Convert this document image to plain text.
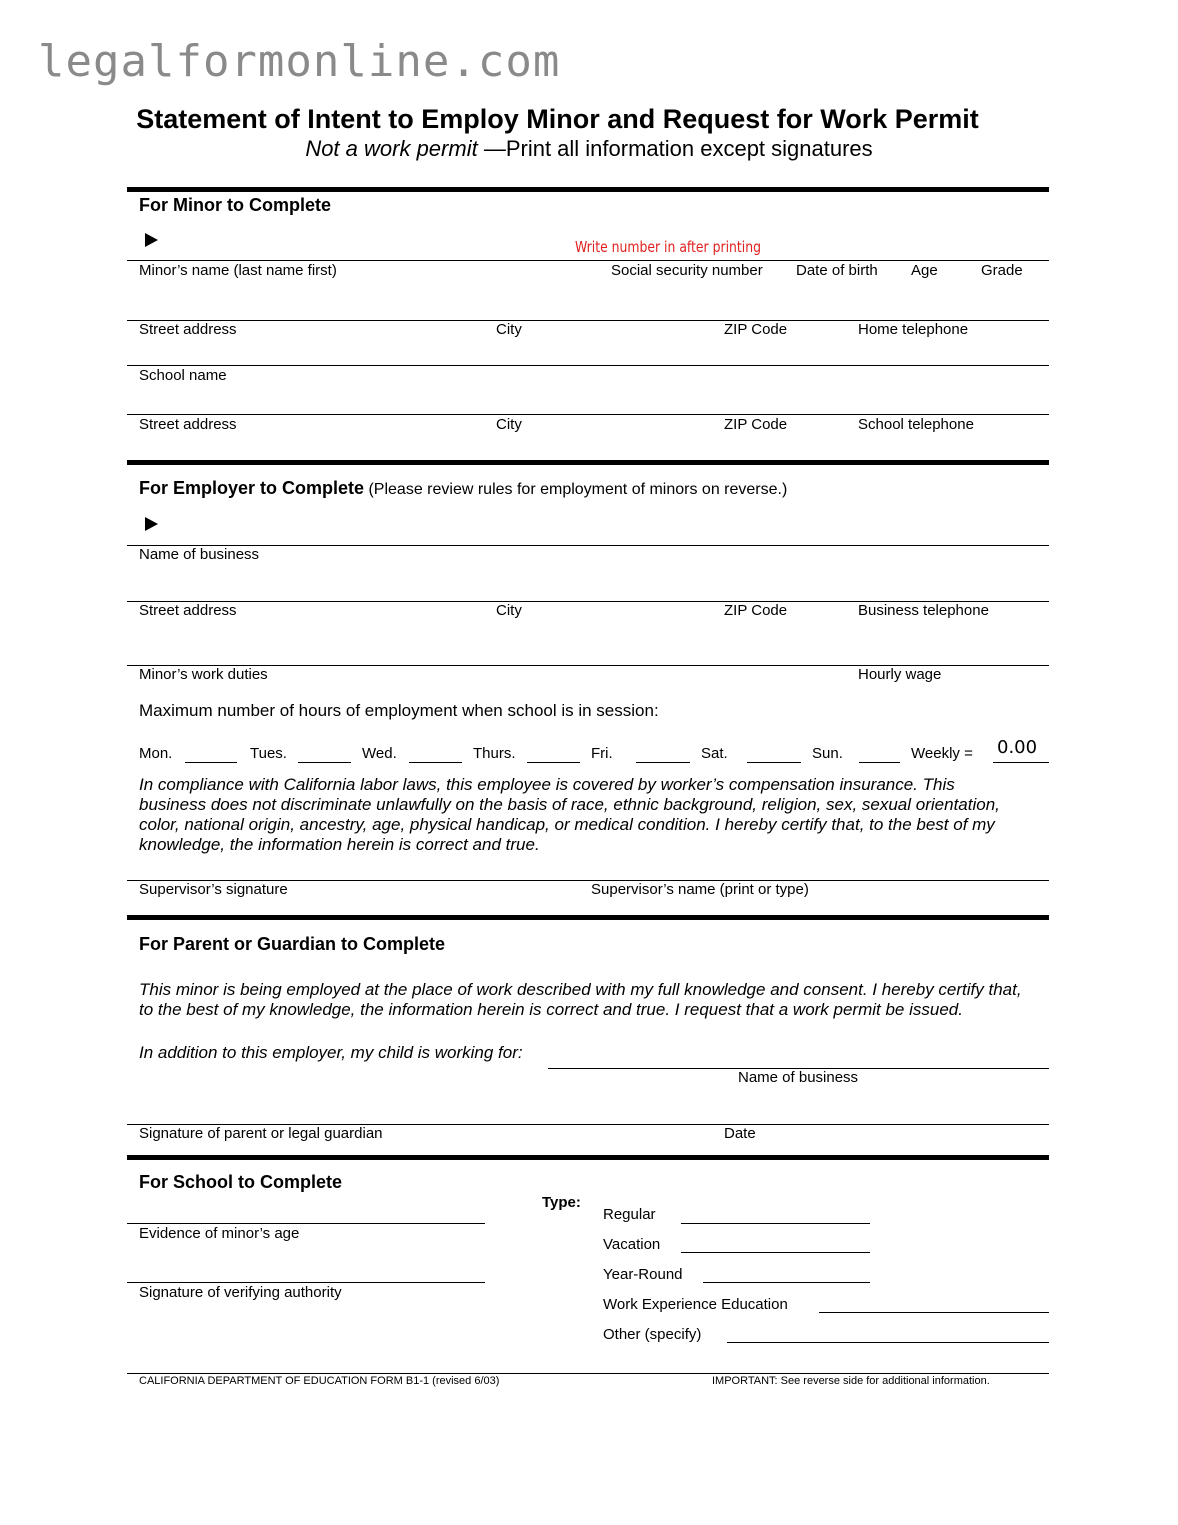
legalformonline.com
Statement of Intent to Employ Minor and Request for Work Permit
Not a work permit —Print all information except signatures
For Minor to Complete
Write number in after printing
Minor’s name (last name first)	Social security number Date of birth Age	Grade
Street address	City	ZIP Code	Home telephone
School name
Street address	City	ZIP Code	School telephone
For Employer to Complete (Please review rules for employment of minors on reverse.)
Name of business
Street address	City	ZIP Code	Business telephone
Minor’s work duties	Hourly wage
Maximum number of hours of employment when school is in session:
Mon.	Tues.	Wed.	Thurs.	Fri.	Sat.	Sun.	Weekly = 0.00
In compliance with California labor laws, this employee is covered by worker’s compensation insurance. This business does not discriminate unlawfully on the basis of race, ethnic background, religion, sex, sexual orientation, color, national origin, ancestry, age, physical handicap, or medical condition. I hereby certify that, to the best of my knowledge, the information herein is correct and true.
Supervisor’s signature	Supervisor’s name (print or type)
For Parent or Guardian to Complete
This minor is being employed at the place of work described with my full knowledge and consent. I hereby certify that, to the best of my knowledge, the information herein is correct and true. I request that a work permit be issued.
In addition to this employer, my child is working for:
Name of business
Signature of parent or legal guardian	Date
For School to Complete
Evidence of minor’s age
Signature of verifying authority
Type:
Regular
Vacation
Year-Round
Work Experience Education
Other (specify)
CALIFORNIA DEPARTMENT OF EDUCATION FORM B1-1 (revised 6/03)	IMPORTANT: See reverse side for additional information.
